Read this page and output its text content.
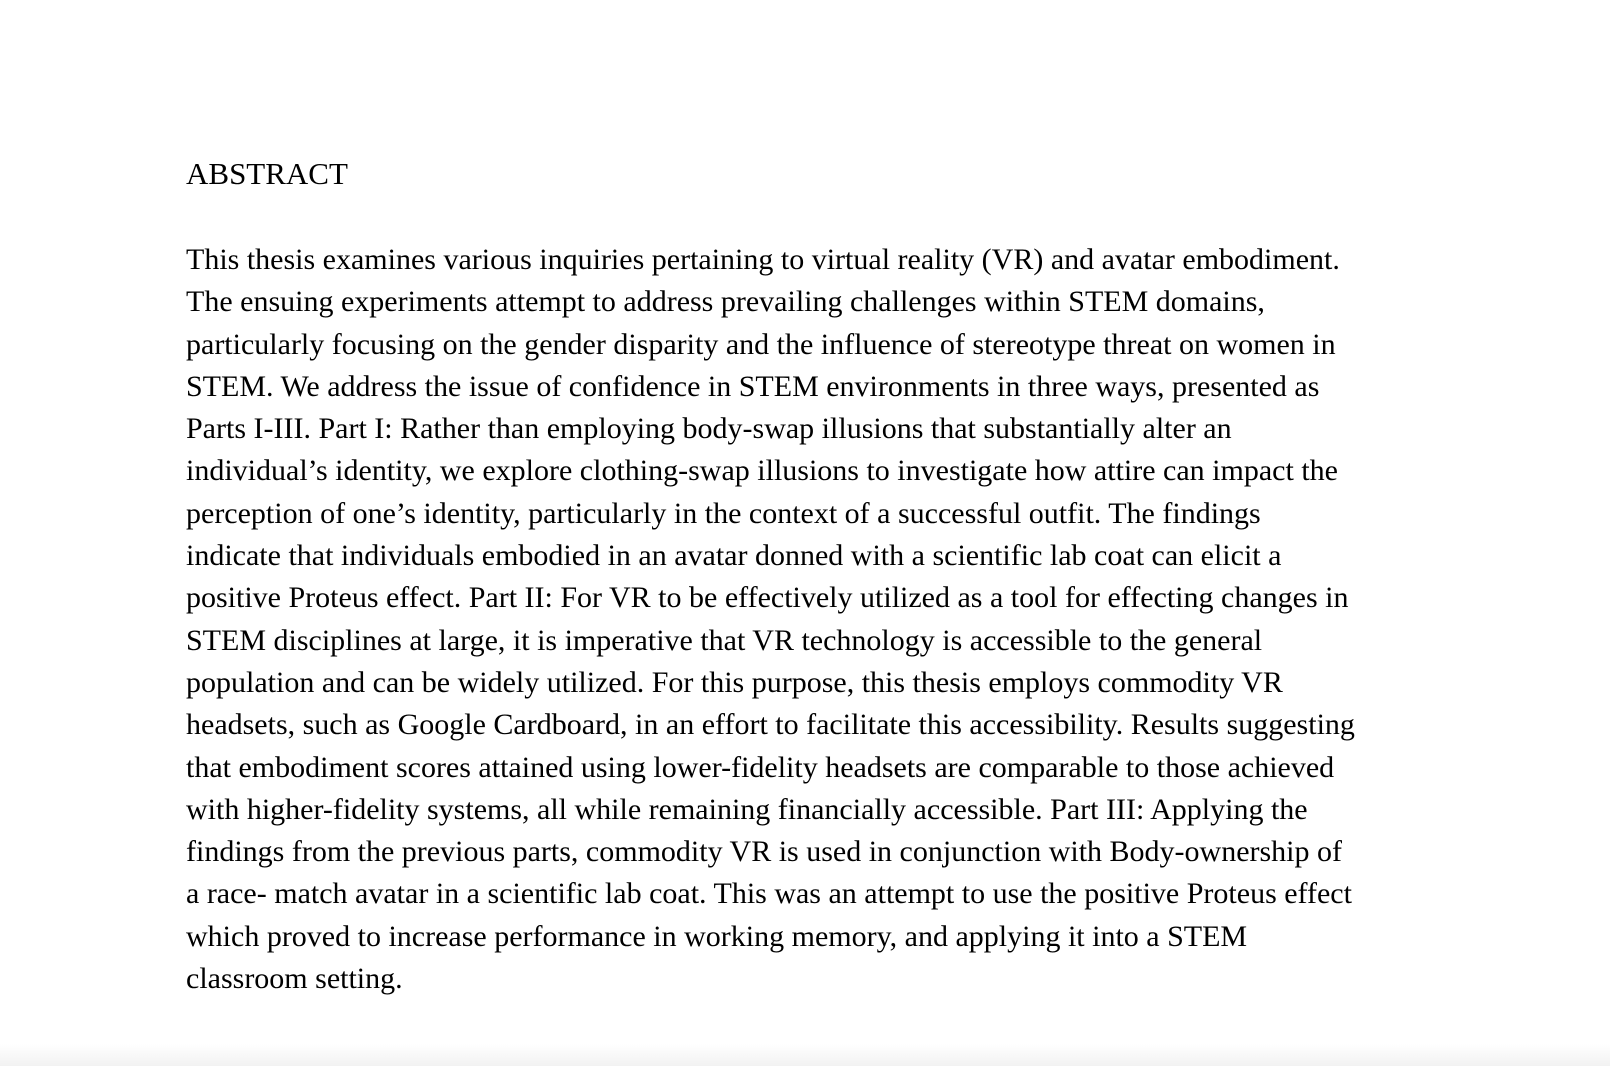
ABSTRACT
This thesis examines various inquiries pertaining to virtual reality (VR) and avatar embodiment.
The ensuing experiments attempt to address prevailing challenges within STEM domains,
particularly focusing on the gender disparity and the influence of stereotype threat on women in
STEM. We address the issue of confidence in STEM environments in three ways, presented as
Parts I-III. Part I: Rather than employing body-swap illusions that substantially alter an
individual’s identity, we explore clothing-swap illusions to investigate how attire can impact the
perception of one’s identity, particularly in the context of a successful outfit. The findings
indicate that individuals embodied in an avatar donned with a scientific lab coat can elicit a
positive Proteus effect. Part II: For VR to be effectively utilized as a tool for effecting changes in
STEM disciplines at large, it is imperative that VR technology is accessible to the general
population and can be widely utilized. For this purpose, this thesis employs commodity VR
headsets, such as Google Cardboard, in an effort to facilitate this accessibility. Results suggesting
that embodiment scores attained using lower-fidelity headsets are comparable to those achieved
with higher-fidelity systems, all while remaining financially accessible. Part III: Applying the
findings from the previous parts, commodity VR is used in conjunction with Body-ownership of
a race- match avatar in a scientific lab coat. This was an attempt to use the positive Proteus effect
which proved to increase performance in working memory, and applying it into a STEM
classroom setting.
